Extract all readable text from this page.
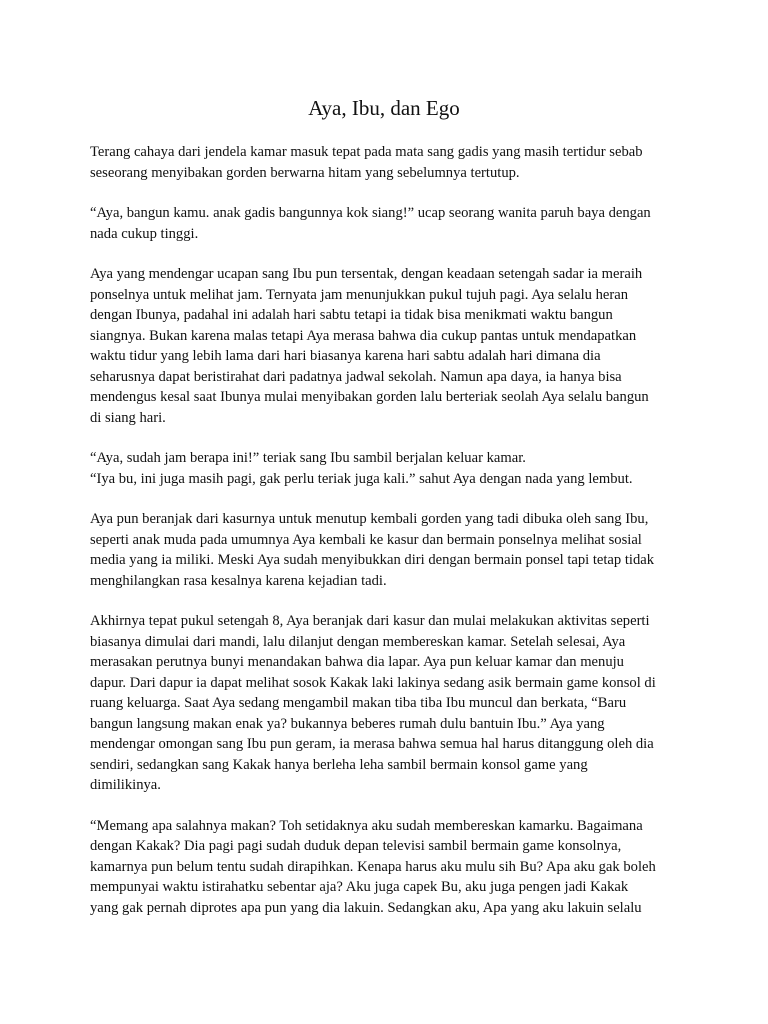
Aya, Ibu, dan Ego

Terang cahaya dari jendela kamar masuk tepat pada mata sang gadis yang masih tertidur sebab
seseorang menyibakan gorden berwarna hitam yang sebelumnya tertutup.

“Aya, bangun kamu. anak gadis bangunnya kok siang!” ucap seorang wanita paruh baya dengan
nada cukup tinggi.

Aya yang mendengar ucapan sang Ibu pun tersentak, dengan keadaan setengah sadar ia meraih
ponselnya untuk melihat jam. Ternyata jam menunjukkan pukul tujuh pagi. Aya selalu heran
dengan Ibunya, padahal ini adalah hari sabtu tetapi ia tidak bisa menikmati waktu bangun
siangnya. Bukan karena malas tetapi Aya merasa bahwa dia cukup pantas untuk mendapatkan
waktu tidur yang lebih lama dari hari biasanya karena hari sabtu adalah hari dimana dia
seharusnya dapat beristirahat dari padatnya jadwal sekolah. Namun apa daya, ia hanya bisa
mendengus kesal saat Ibunya mulai menyibakan gorden lalu berteriak seolah Aya selalu bangun
di siang hari.

“Aya, sudah jam berapa ini!” teriak sang Ibu sambil berjalan keluar kamar.
“Iya bu, ini juga masih pagi, gak perlu teriak juga kali.” sahut Aya dengan nada yang lembut.

Aya pun beranjak dari kasurnya untuk menutup kembali gorden yang tadi dibuka oleh sang Ibu,
seperti anak muda pada umumnya Aya kembali ke kasur dan bermain ponselnya melihat sosial
media yang ia miliki. Meski Aya sudah menyibukkan diri dengan bermain ponsel tapi tetap tidak
menghilangkan rasa kesalnya karena kejadian tadi.

Akhirnya tepat pukul setengah 8, Aya beranjak dari kasur dan mulai melakukan aktivitas seperti
biasanya dimulai dari mandi, lalu dilanjut dengan membereskan kamar. Setelah selesai, Aya
merasakan perutnya bunyi menandakan bahwa dia lapar. Aya pun keluar kamar dan menuju
dapur. Dari dapur ia dapat melihat sosok Kakak laki lakinya sedang asik bermain game konsol di
ruang keluarga. Saat Aya sedang mengambil makan tiba tiba Ibu muncul dan berkata, “Baru
bangun langsung makan enak ya? bukannya beberes rumah dulu bantuin Ibu.” Aya yang
mendengar omongan sang Ibu pun geram, ia merasa bahwa semua hal harus ditanggung oleh dia
sendiri, sedangkan sang Kakak hanya berleha leha sambil bermain konsol game yang
dimilikinya.

“Memang apa salahnya makan? Toh setidaknya aku sudah membereskan kamarku. Bagaimana
dengan Kakak? Dia pagi pagi sudah duduk depan televisi sambil bermain game konsolnya,
kamarnya pun belum tentu sudah dirapihkan. Kenapa harus aku mulu sih Bu? Apa aku gak boleh
mempunyai waktu istirahatku sebentar aja? Aku juga capek Bu, aku juga pengen jadi Kakak
yang gak pernah diprotes apa pun yang dia lakuin. Sedangkan aku, Apa yang aku lakuin selalu
